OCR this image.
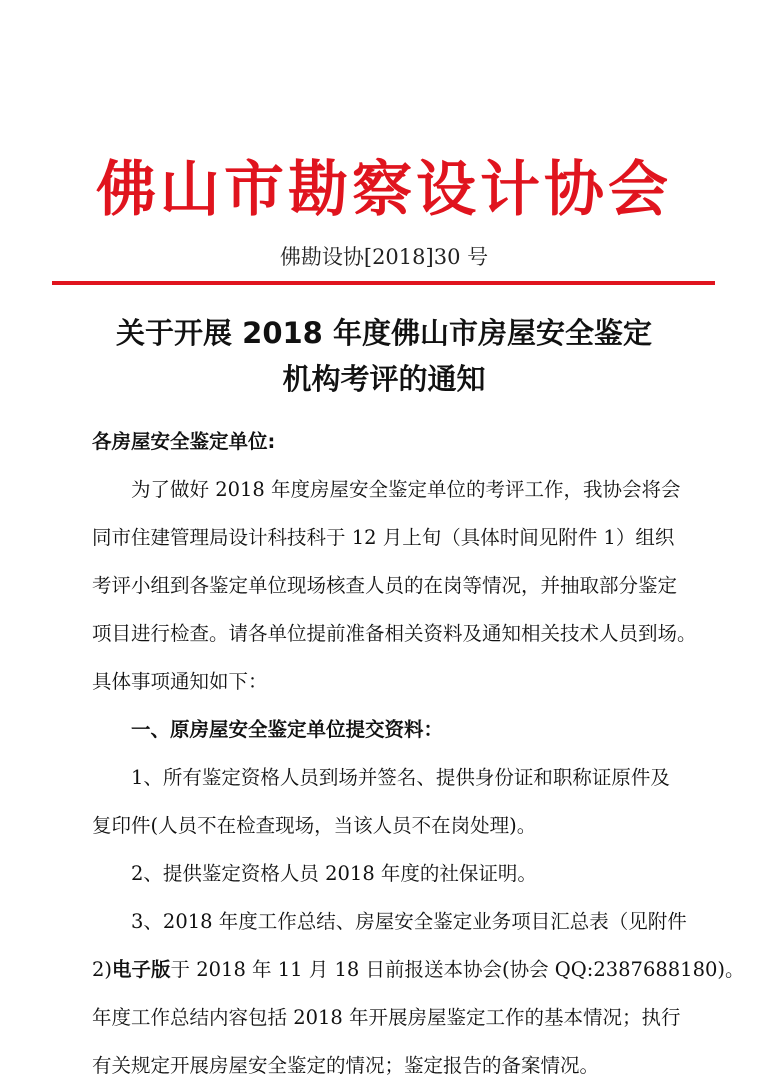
佛山市勘察设计协会
佛勘设协[2018]30 号
关于开展 2018 年度佛山市房屋安全鉴定
机构考评的通知

各房屋安全鉴定单位:

为了做好 2018 年度房屋安全鉴定单位的考评工作，我协会将会
同市住建管理局设计科技科于 12 月上旬（具体时间见附件 1）组织
考评小组到各鉴定单位现场核查人员的在岗等情况，并抽取部分鉴定
项目进行检查。请各单位提前准备相关资料及通知相关技术人员到场。
具体事项通知如下：
一、原房屋安全鉴定单位提交资料：
1、所有鉴定资格人员到场并签名、提供身份证和职称证原件及
复印件(人员不在检查现场，当该人员不在岗处理)。
2、提供鉴定资格人员 2018 年度的社保证明。
3、2018 年度工作总结、房屋安全鉴定业务项目汇总表（见附件
2)电子版于 2018 年 11 月 18 日前报送本协会(协会 QQ:2387688180)。
年度工作总结内容包括 2018 年开展房屋鉴定工作的基本情况；执行
有关规定开展房屋安全鉴定的情况；鉴定报告的备案情况。
